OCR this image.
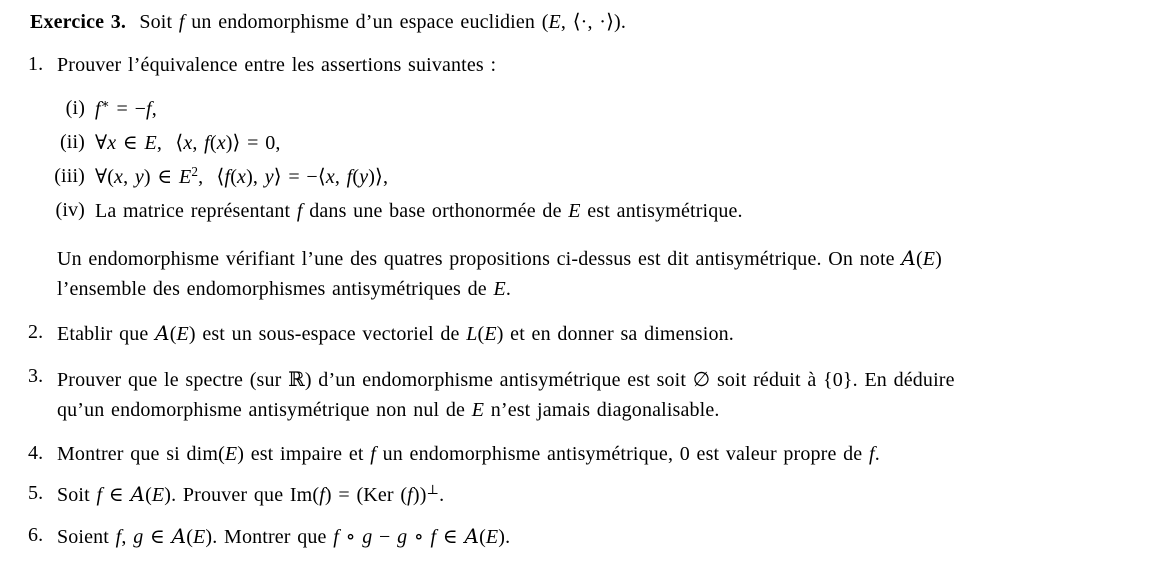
Exercice 3.  Soit f un endomorphisme d’un espace euclidien (E, ⟨·, ·⟩).
1. Prouver l’équivalence entre les assertions suivantes :
(i) f∗ = −f,
(ii) ∀x ∈ E,  ⟨x, f(x)⟩ = 0,
(iii) ∀(x, y) ∈ $E^2$,  ⟨f(x), y⟩ = −⟨x, f(y)⟩,
(iv) La matrice représentant f dans une base orthonormée de E est antisymétrique.
Un endomorphisme vérifiant l’une des quatres propositions ci-dessus est dit antisymétrique. On note A(E)
l’ensemble des endomorphismes antisymétriques de E.
2. Etablir que A(E) est un sous-espace vectoriel de L(E) et en donner sa dimension.
3. Prouver que le spectre (sur ℝ) d’un endomorphisme antisymétrique est soit ∅ soit réduit à {0}. En déduire
qu’un endomorphisme antisymétrique non nul de E n’est jamais diagonalisable.
4. Montrer que si dim(E) est impaire et f un endomorphisme antisymétrique, 0 est valeur propre de f.
5. Soit f ∈ A(E). Prouver que Im(f) = (Ker (f))⊥.
6. Soient f, g ∈ A(E). Montrer que f ∘ g − g ∘ f ∈ A(E).
